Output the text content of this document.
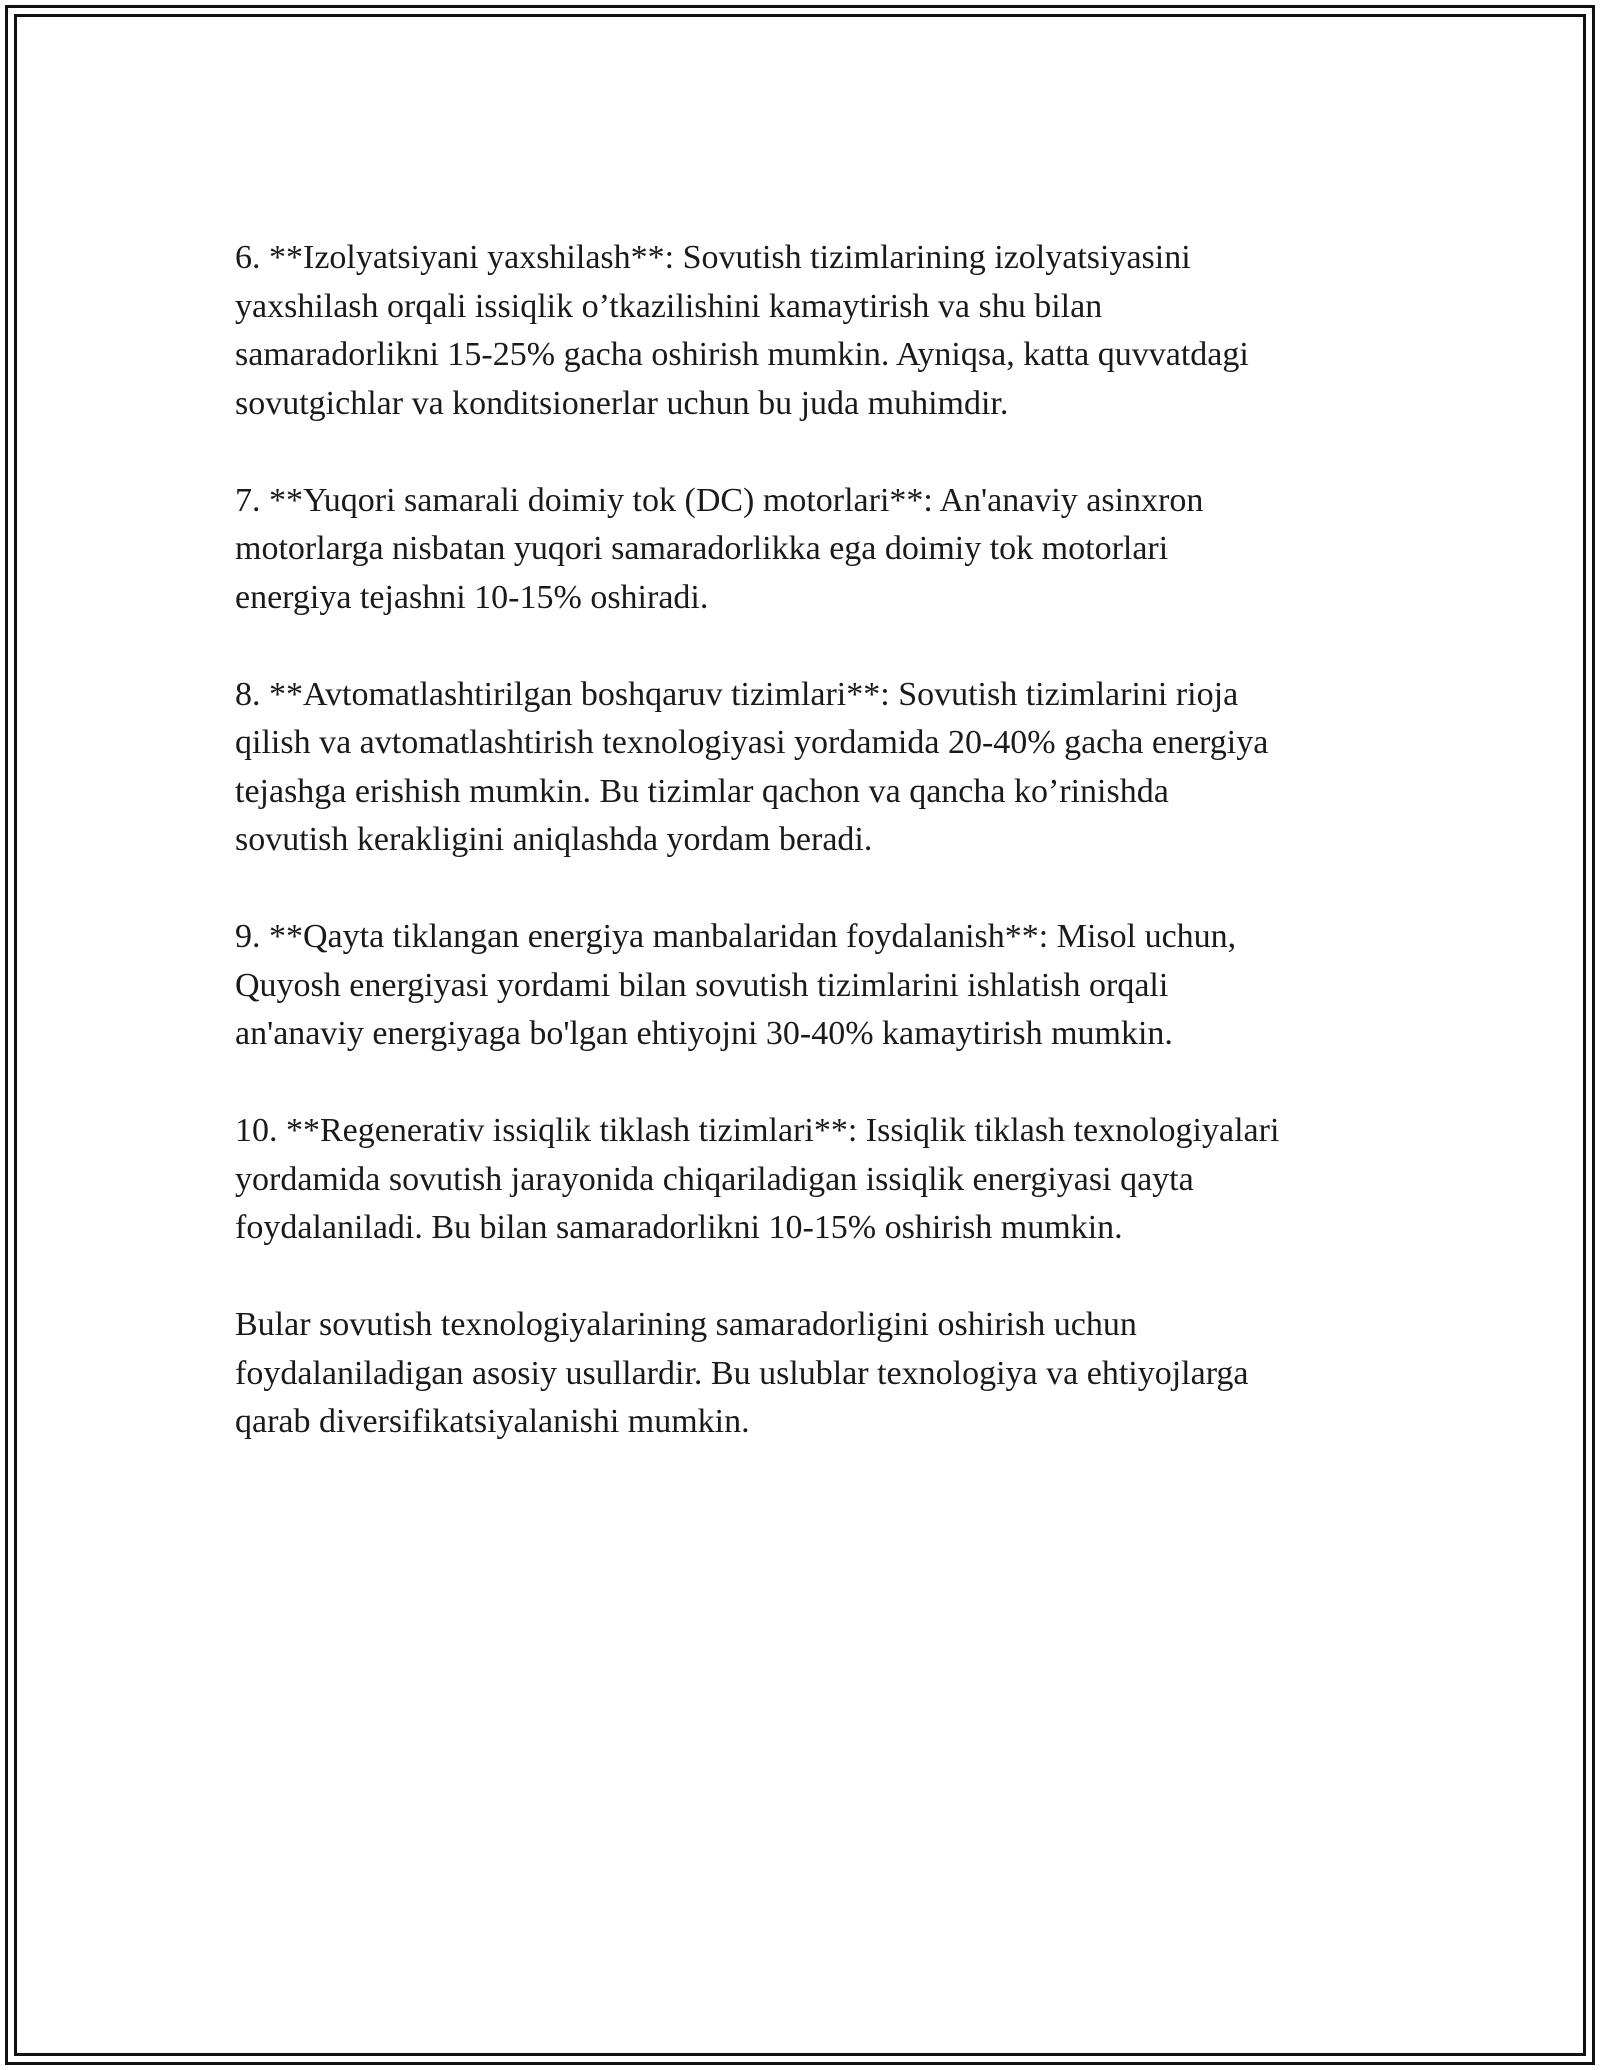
6. **Izolyatsiyani yaxshilash**: Sovutish tizimlarining izolyatsiyasini
yaxshilash orqali issiqlik o’tkazilishini kamaytirish va shu bilan
samaradorlikni 15-25% gacha oshirish mumkin. Ayniqsa, katta quvvatdagi
sovutgichlar va konditsionerlar uchun bu juda muhimdir.

7. **Yuqori samarali doimiy tok (DC) motorlari**: An'anaviy asinxron
motorlarga nisbatan yuqori samaradorlikka ega doimiy tok motorlari
energiya tejashni 10-15% oshiradi.

8. **Avtomatlashtirilgan boshqaruv tizimlari**: Sovutish tizimlarini rioja
qilish va avtomatlashtirish texnologiyasi yordamida 20-40% gacha energiya
tejashga erishish mumkin. Bu tizimlar qachon va qancha ko’rinishda
sovutish kerakligini aniqlashda yordam beradi.

9. **Qayta tiklangan energiya manbalaridan foydalanish**: Misol uchun,
Quyosh energiyasi yordami bilan sovutish tizimlarini ishlatish orqali
an'anaviy energiyaga bo'lgan ehtiyojni 30-40% kamaytirish mumkin.

10. **Regenerativ issiqlik tiklash tizimlari**: Issiqlik tiklash texnologiyalari
yordamida sovutish jarayonida chiqariladigan issiqlik energiyasi qayta
foydalaniladi. Bu bilan samaradorlikni 10-15% oshirish mumkin.

Bular sovutish texnologiyalarining samaradorligini oshirish uchun
foydalaniladigan asosiy usullardir. Bu uslublar texnologiya va ehtiyojlarga
qarab diversifikatsiyalanishi mumkin.
